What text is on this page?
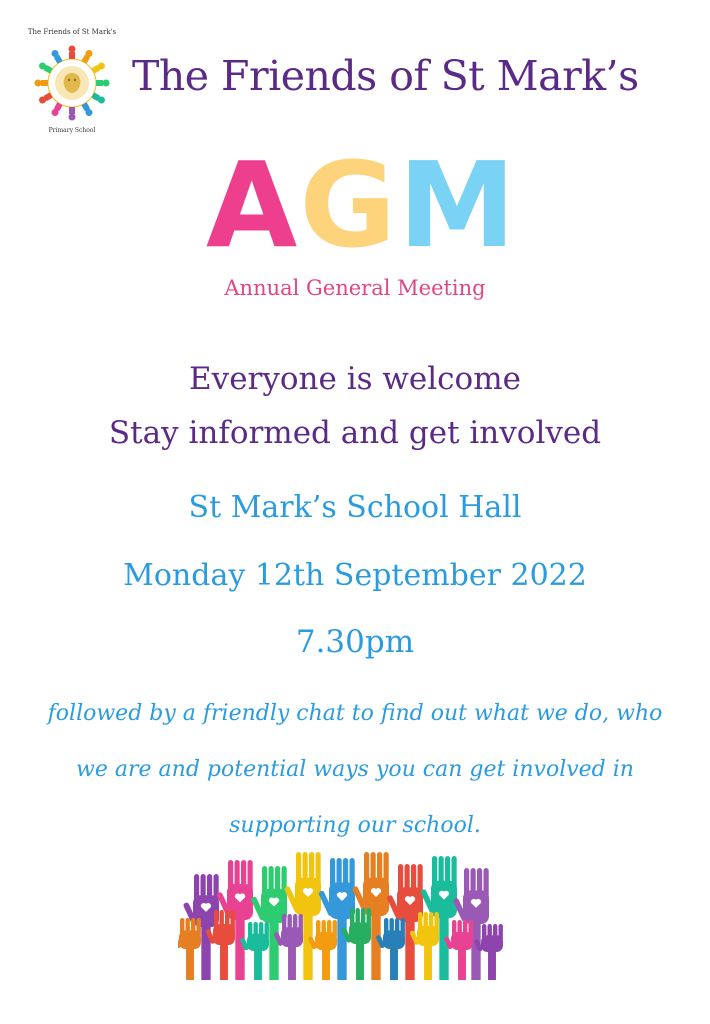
The Friends of St Mark's
Primary School
The Friends of St Mark’s
A G M
Annual General Meeting
Everyone is welcome
Stay informed and get involved
St Mark’s School Hall
Monday 12th September 2022
7.30pm
followed by a friendly chat to find out what we do, who we are and potential ways you can get involved in supporting our school.
